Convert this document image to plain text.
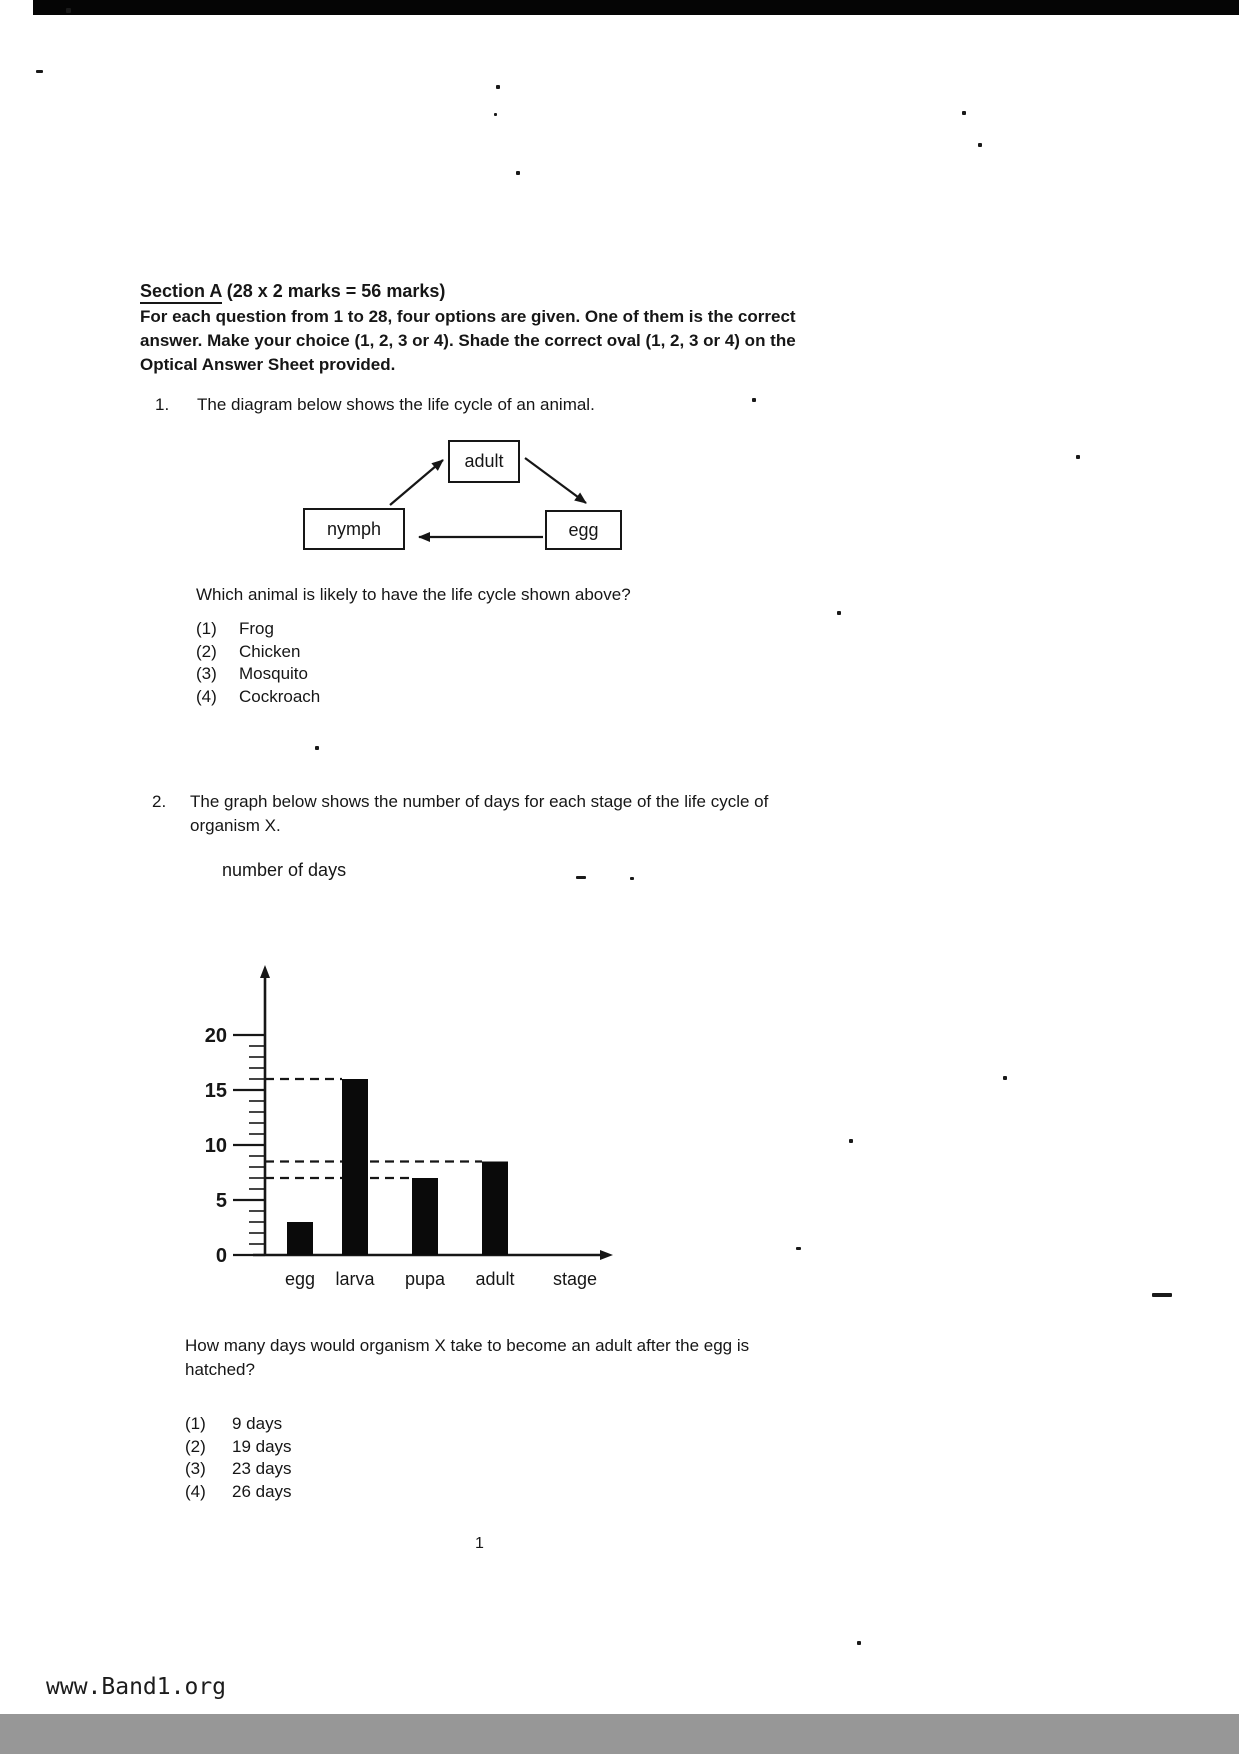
Section A (28 x 2 marks = 56 marks)
For each question from 1 to 28, four options are given. One of them is the correct
answer. Make your choice (1, 2, 3 or 4). Shade the correct oval (1, 2, 3 or 4) on the
Optical Answer Sheet provided.
1. The diagram below shows the life cycle of an animal.
adult
nymph	egg
Which animal is likely to have the life cycle shown above?
(1)	Frog
(2)	Chicken
(3)	Mosquito
(4)	Cockroach
2. The graph below shows the number of days for each stage of the life cycle of
organism X.
number of days
0
5
10
15
20
egg larva pupa adult stage
How many days would organism X take to become an adult after the egg is
hatched?
(1)	9 days
(2)	19 days
(3)	23 days
(4)	26 days
1
www.Band1.org
